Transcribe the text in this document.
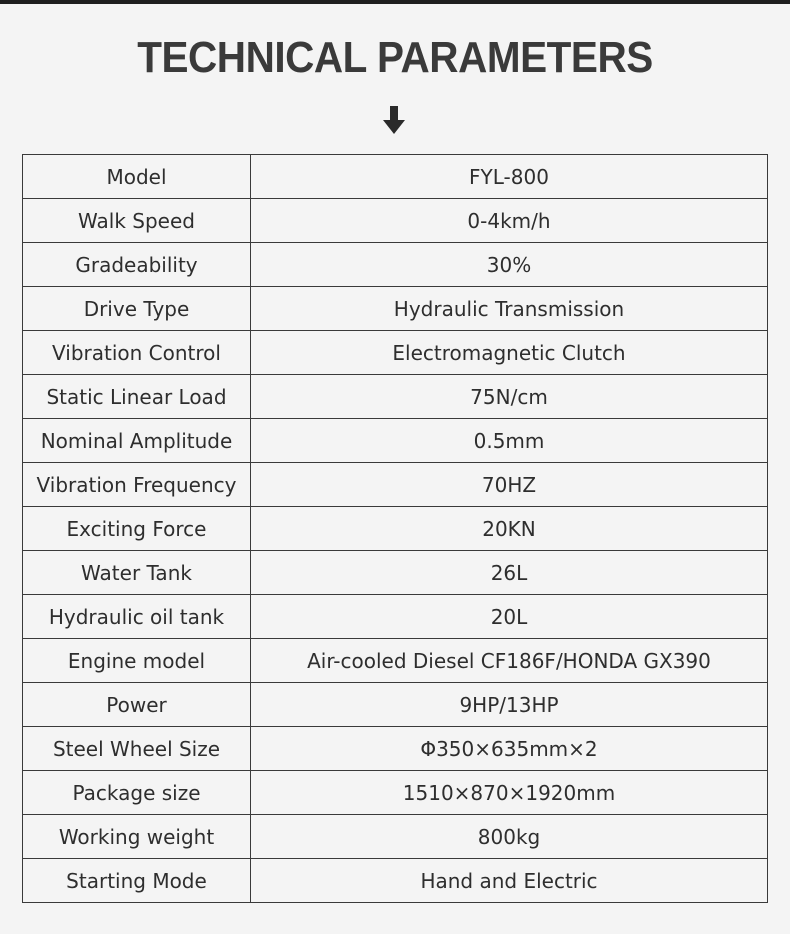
TECHNICAL PARAMETERS
Model	FYL-800
Walk Speed	0-4km/h
Gradeability	30%
Drive Type	Hydraulic Transmission
Vibration Control	Electromagnetic Clutch
Static Linear Load	75N/cm
Nominal Amplitude	0.5mm
Vibration Frequency	70HZ
Exciting Force	20KN
Water Tank	26L
Hydraulic oil tank	20L
Engine model	Air-cooled Diesel CF186F/HONDA GX390
Power	9HP/13HP
Steel Wheel Size	Φ350×635mm×2
Package size	1510×870×1920mm
Working weight	800kg
Starting Mode	Hand and Electric
